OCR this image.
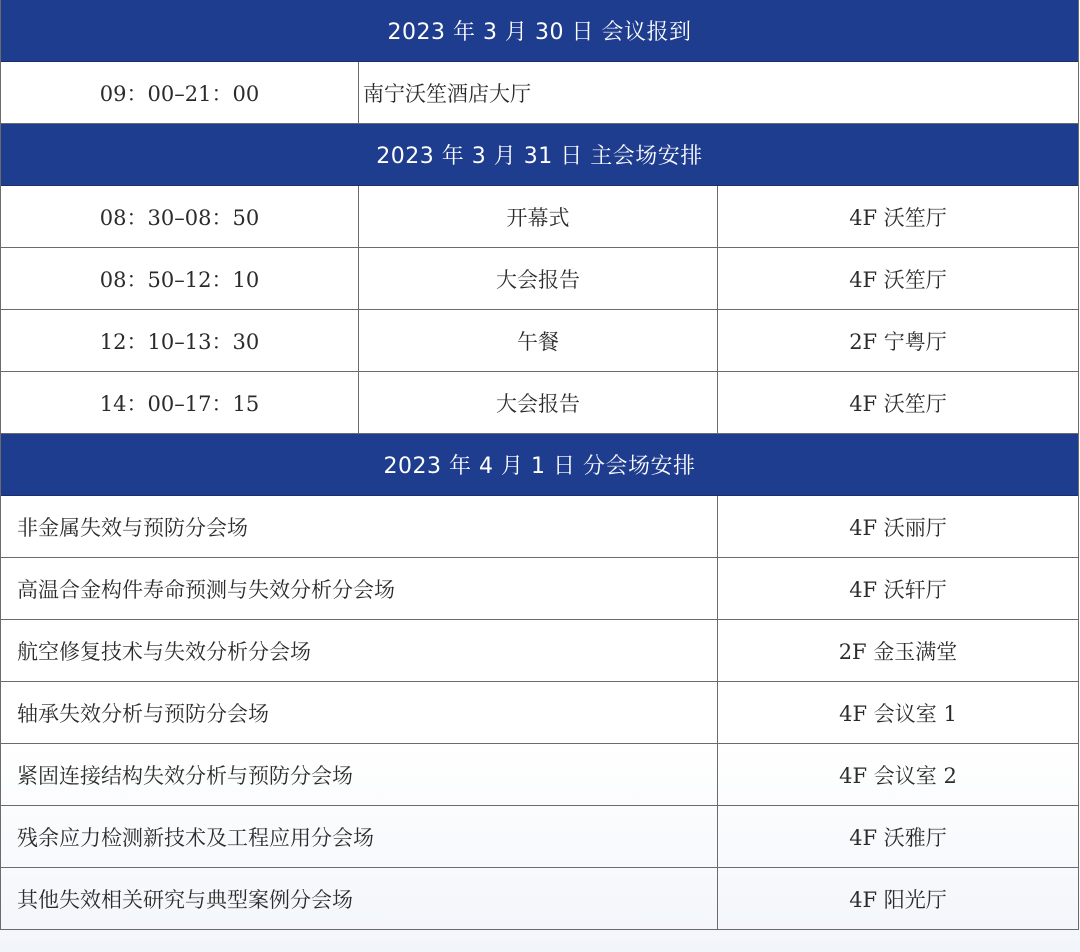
2023 年 3 月 30 日 会议报到
09：00–21：00	南宁沃笙酒店大厅
2023 年 3 月 31 日 主会场安排
08：30–08：50	开幕式	4F 沃笙厅
08：50–12：10	大会报告	4F 沃笙厅
12：10–13：30	午餐	2F 宁粤厅
14：00–17：15	大会报告	4F 沃笙厅
2023 年 4 月 1 日 分会场安排
非金属失效与预防分会场	4F 沃丽厅
高温合金构件寿命预测与失效分析分会场	4F 沃轩厅
航空修复技术与失效分析分会场	2F 金玉满堂
轴承失效分析与预防分会场	4F 会议室 1
紧固连接结构失效分析与预防分会场	4F 会议室 2
残余应力检测新技术及工程应用分会场	4F 沃雅厅
其他失效相关研究与典型案例分会场	4F 阳光厅
